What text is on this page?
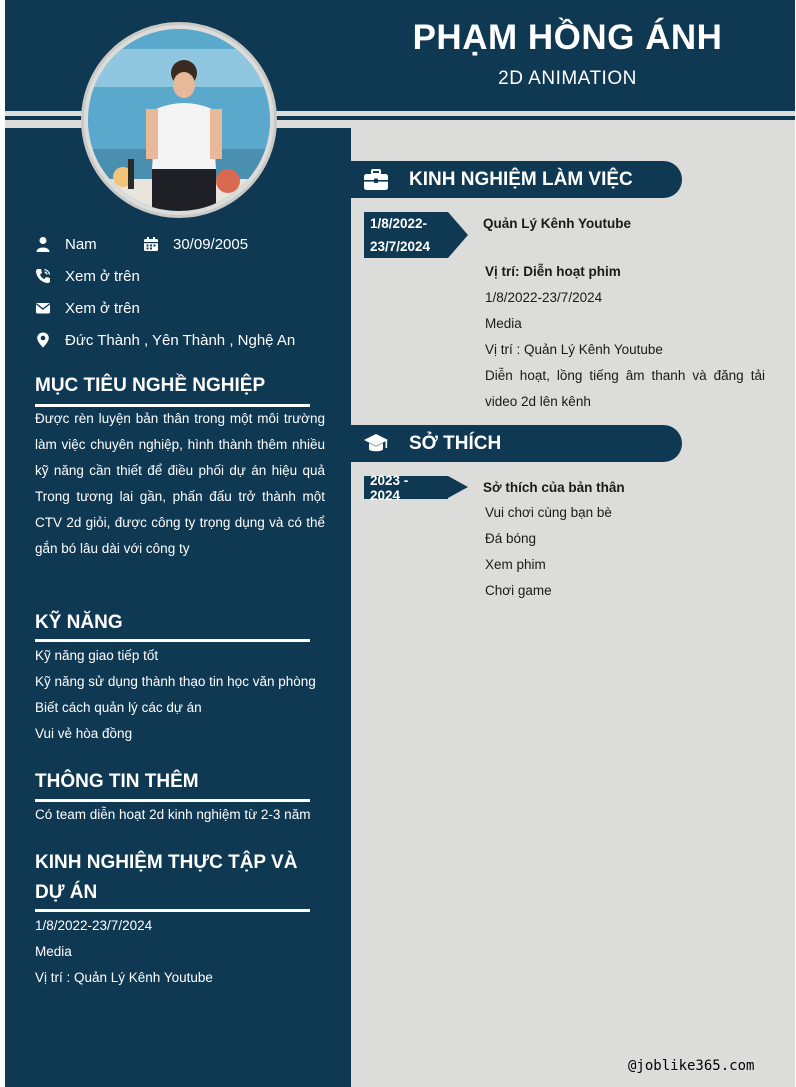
PHẠM HỒNG ÁNH
2D ANIMATION
Nam	30/09/2005
Xem ở trên
Xem ở trên
Đức Thành , Yên Thành , Nghệ An
MỤC TIÊU NGHỀ NGHIỆP
Được rèn luyện bản thân trong một môi trường làm việc chuyên nghiệp, hình thành thêm nhiều kỹ năng cần thiết để điều phối dự án hiệu quả Trong tương lai gần, phấn đấu trở thành một CTV 2d giỏi, được công ty trọng dụng và có thể gắn bó lâu dài với công ty
KỸ NĂNG
Kỹ năng giao tiếp tốt
Kỹ năng sử dụng thành thạo tin học văn phòng
Biết cách quản lý các dự án
Vui vẻ hòa đồng
THÔNG TIN THÊM
Có team diễn hoạt 2d kinh nghiệm từ 2-3 năm
KINH NGHIỆM THỰC TẬP VÀ
DỰ ÁN
1/8/2022-23/7/2024
Media
Vị trí : Quản Lý Kênh Youtube
KINH NGHIỆM LÀM VIỆC
1/8/2022-
23/7/2024
Quản Lý Kênh Youtube
Vị trí: Diễn hoạt phim
1/8/2022-23/7/2024
Media
Vị trí : Quản Lý Kênh Youtube
Diễn hoạt, lồng tiếng âm thanh và đăng tải video 2d lên kênh
SỞ THÍCH
2023 - 2024	Sở thích của bản thân
Vui chơi cùng bạn bè
Đá bóng
Xem phim
Chơi game
@joblike365.com
